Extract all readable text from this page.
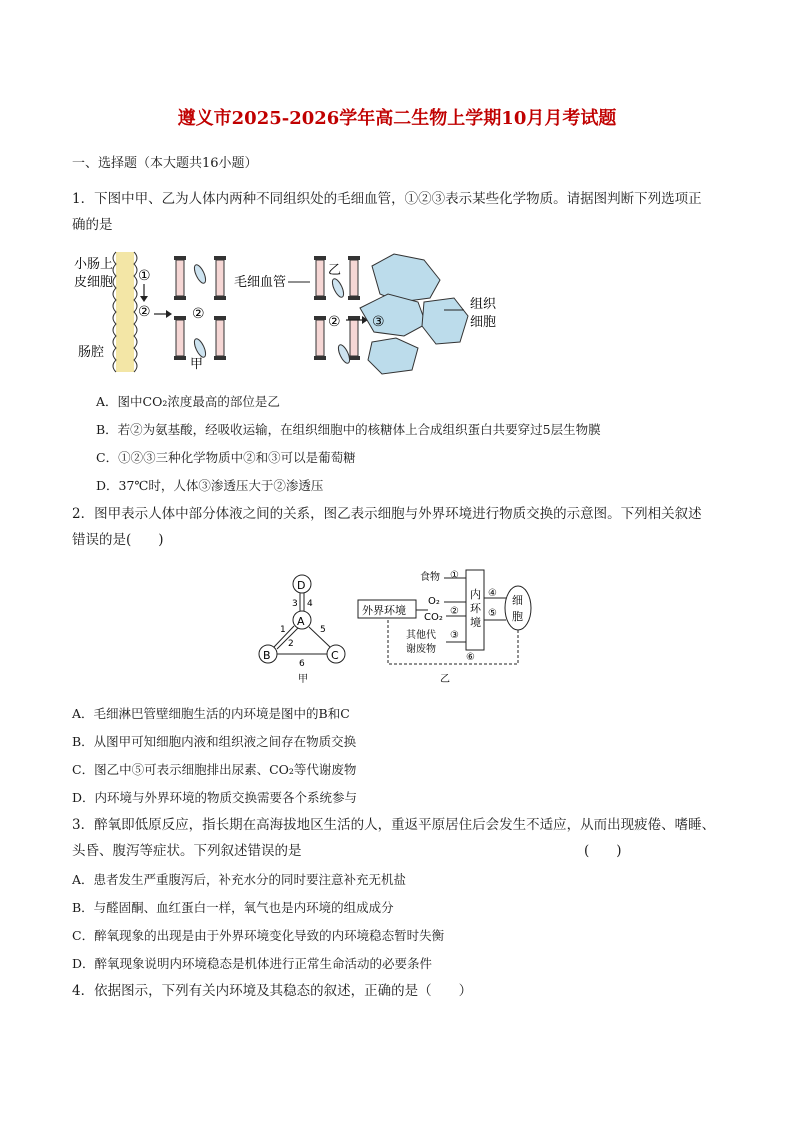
遵义市2025-2026学年高二生物上学期10月月考试题
一、选择题（本大题共16小题）
1．下图中甲、乙为人体内两种不同组织处的毛细血管，①②③表示某些化学物质。请据图判断下列选项正
确的是
小肠上
皮细胞
肠腔
①
②	②
甲
毛细血管
乙
② ③
组织
细胞
A．图中CO₂浓度最高的部位是乙
B．若②为氨基酸，经吸收运输，在组织细胞中的核糖体上合成组织蛋白共要穿过5层生物膜
C．①②③三种化学物质中②和③可以是葡萄糖
D．37℃时，人体③渗透压大于②渗透压
2．图甲表示人体中部分体液之间的关系，图乙表示细胞与外界环境进行物质交换的示意图。下列相关叙述
错误的是(　　)
D
A
B	C
3 4
1
2
5
6
甲
外界环境
食物 ①
O₂
CO₂
②
其他代
谢废物
③
内
环
境
④
⑤
细
胞
⑥
乙
A．毛细淋巴管壁细胞生活的内环境是图中的B和C
B．从图甲可知细胞内液和组织液之间存在物质交换
C．图乙中⑤可表示细胞排出尿素、CO₂等代谢废物
D．内环境与外界环境的物质交换需要各个系统参与
3．醉氧即低原反应，指长期在高海拔地区生活的人，重返平原居住后会发生不适应，从而出现疲倦、嗜睡、
头昏、腹泻等症状。下列叙述错误的是	(　　)
A．患者发生严重腹泻后，补充水分的同时要注意补充无机盐
B．与醛固酮、血红蛋白一样，氧气也是内环境的组成成分
C．醉氧现象的出现是由于外界环境变化导致的内环境稳态暂时失衡
D．醉氧现象说明内环境稳态是机体进行正常生命活动的必要条件
4．依据图示，下列有关内环境及其稳态的叙述，正确的是（　　）
